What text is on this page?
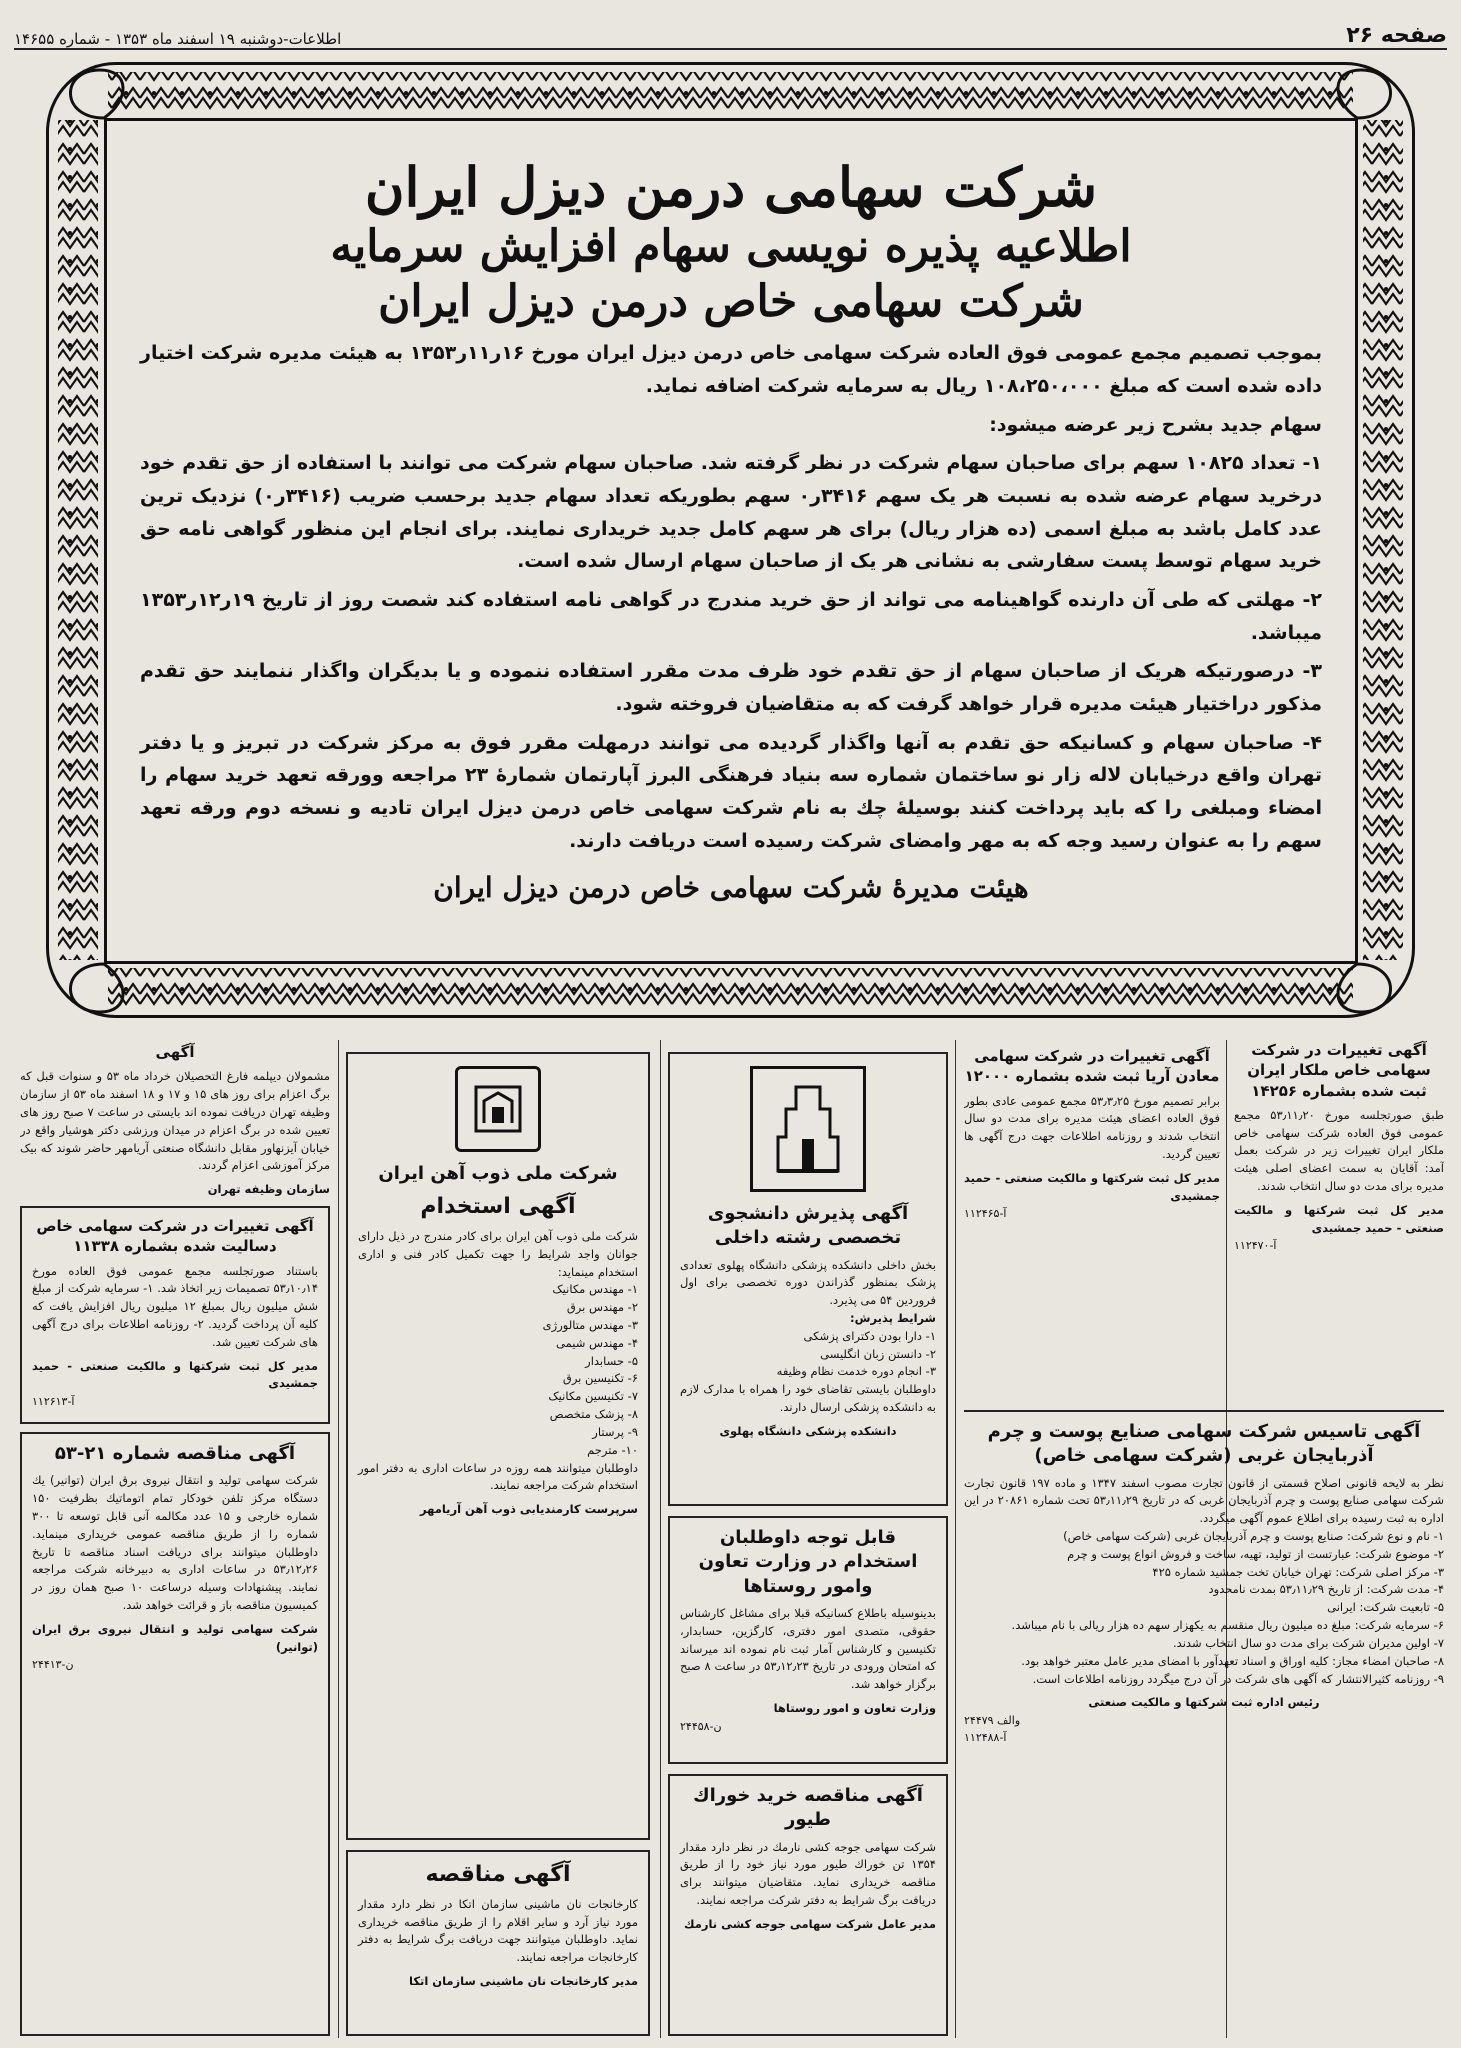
صفحه ۲۶
اطلاعات-دوشنبه ۱۹ اسفند ماه ۱۳۵۳ - شماره ۱۴۶۵۵
شرکت سهامی درمن دیزل ایران
اطلاعیه پذیره نویسی سهام افزایش سرمایه
شرکت سهامی خاص درمن دیزل ایران

بموجب تصمیم مجمع عمومی فوق العاده شرکت سهامی خاص درمن دیزل ایران مورخ ۱۶ر۱۱ر۱۳۵۳ به هیئت مدیره شرکت اختیار داده شده است که مبلغ ۱۰۸،۲۵۰،۰۰۰ ریال به سرمایه شرکت اضافه نماید.

سهام جدید بشرح زیر عرضه میشود:

۱- تعداد ۱۰۸۲۵ سهم برای صاحبان سهام شرکت در نظر گرفته شد. صاحبان سهام شرکت می توانند با استفاده از حق تقدم خود درخرید سهام عرضه شده به نسبت هر یک سهم ۳۴۱۶ر۰ سهم بطوریکه تعداد سهام جدید برحسب ضریب (۳۴۱۶ر۰) نزدیک ترین عدد کامل باشد به مبلغ اسمی (ده هزار ریال) برای هر سهم کامل جدید خریداری نمایند. برای انجام این منظور گواهی نامه حق خرید سهام توسط پست سفارشی به نشانی هر یک از صاحبان سهام ارسال شده است.

۲- مهلتی که طی آن دارنده گواهینامه می تواند از حق خرید مندرج در گواهی نامه استفاده کند شصت روز از تاریخ ۱۹ر۱۲ر۱۳۵۳ میباشد.

۳- درصورتیکه هریک از صاحبان سهام از حق تقدم خود ظرف مدت مقرر استفاده ننموده و یا بدیگران واگذار ننمایند حق تقدم مذکور دراختیار هیئت مدیره قرار خواهد گرفت که به متقاضیان فروخته شود.

۴- صاحبان سهام و کسانیکه حق تقدم به آنها واگذار گردیده می توانند درمهلت مقرر فوق به مرکز شرکت در تبریز و یا دفتر تهران واقع درخیابان لاله زار نو ساختمان شماره سه بنیاد فرهنگی البرز آپارتمان شمارهٔ ۲۳ مراجعه وورقه تعهد خرید سهام را امضاء ومبلغی را که باید پرداخت کنند بوسیلهٔ چك به نام شرکت سهامی خاص درمن دیزل ایران تادیه و نسخه دوم ورقه تعهد سهم را به عنوان رسید وجه که به مهر وامضای شرکت رسیده است دریافت دارند.

هیئت مدیرهٔ شرکت سهامی خاص درمن دیزل ایران
آگهی
مشمولان دیپلمه فارغ التحصیلان خرداد ماه ۵۳ و سنوات قبل که برگ اعزام برای روز های ۱۵ و ۱۷ و ۱۸ اسفند ماه ۵۳ از سازمان وظیفه تهران دریافت نموده اند بایستی در ساعت ۷ صبح روز های تعیین شده در برگ اعزام در میدان ورزشی دکتر هوشیار واقع در خیابان آیزنهاور مقابل دانشگاه صنعتی آریامهر حاضر شوند که بیک مرکز آموزشی اعزام گردند.
سازمان وظیفه تهران
آگهی تغییرات در شرکت سهامی خاص دسالیت شده بشماره ۱۱۳۳۸
باستناد صورتجلسه مجمع عمومی فوق العاده مورخ ۵۳٫۱۰٫۱۴ تصمیمات زیر اتخاذ شد. ۱- سرمایه شرکت از مبلغ شش میلیون ریال بمبلغ ۱۲ میلیون ریال افزایش یافت که کلیه آن پرداخت گردید. ۲- روزنامه اطلاعات برای درج آگهی های شرکت تعیین شد.
مدیر کل ثبت شرکتها و مالکیت صنعتی - حمید جمشیدی
آ-۱۱۲۶۱۳
آگهی مناقصه شماره ۲۱-۵۳
شرکت سهامی تولید و انتقال نیروی برق ایران (توانیر) یك دستگاه مرکز تلفن خودکار تمام اتوماتیك بظرفیت ۱۵۰ شماره خارجی و ۱۵ عدد مکالمه آنی قابل توسعه تا ۳۰۰ شماره را از طریق مناقصه عمومی خریداری مینماید. داوطلبان میتوانند برای دریافت اسناد مناقصه تا تاریخ ۵۳٫۱۲٫۲۶ در ساعات اداری به دبیرخانه شرکت مراجعه نمایند. پیشنهادات وسیله درساعت ۱۰ صبح همان روز در کمیسیون مناقصه باز و قرائت خواهد شد.
شرکت سهامی تولید و انتقال نیروی برق ایران (توانیر)
ن-۲۴۴۱۳
شرکت ملی ذوب آهن ایران
آگهی استخدام
شرکت ملی ذوب آهن ایران برای کادر مندرج در ذیل دارای جوانان واجد شرایط را جهت تکمیل کادر فنی و اداری استخدام مینماید:

۱- مهندس مکانیک

۲- مهندس برق

۳- مهندس متالورژی

۴- مهندس شیمی

۵- حسابدار

۶- تکنیسین برق

۷- تکنیسین مکانیک

۸- پزشک متخصص

۹- پرستار

۱۰- مترجم

داوطلبان میتوانند همه روزه در ساعات اداری به دفتر امور استخدام شرکت مراجعه نمایند.
سرپرست کارمندیابی ذوب آهن آریامهر
آگهی مناقصه
کارخانجات نان ماشینی سازمان اتکا در نظر دارد مقدار مورد نیاز آرد و سایر اقلام را از طریق مناقصه خریداری نماید. داوطلبان میتوانند جهت دریافت برگ شرایط به دفتر کارخانجات مراجعه نمایند.
مدیر کارخانجات نان ماشینی سازمان اتکا
آگهی پذیرش دانشجوی تخصصی رشته داخلی
بخش داخلی دانشکده پزشکی دانشگاه پهلوی تعدادی پزشک بمنظور گذراندن دوره تخصصی برای اول فروردین ۵۴ می پذیرد.
شرایط پذیرش:

۱- دارا بودن دکترای پزشکی

۲- دانستن زبان انگلیسی

۳- انجام دوره خدمت نظام وظیفه

داوطلبان بایستی تقاضای خود را همراه با مدارک لازم به دانشکده پزشکی ارسال دارند.
دانشکده پزشکی دانشگاه پهلوی
قابل توجه داوطلبان استخدام در وزارت تعاون وامور روستاها
بدینوسیله باطلاع کسانیکه قبلا برای مشاغل کارشناس حقوقی، متصدی امور دفتری، کارگزین، حسابدار، تکنیسین و کارشناس آمار ثبت نام نموده اند میرساند که امتحان ورودی در تاریخ ۵۳٫۱۲٫۲۳ در ساعت ۸ صبح برگزار خواهد شد.
وزارت تعاون و امور روستاها
ن-۲۴۴۵۸
آگهی مناقصه خرید خوراك طیور
شرکت سهامی جوجه کشی نارمك در نظر دارد مقدار ۱۳۵۴ تن خوراك طیور مورد نیاز خود را از طریق مناقصه خریداری نماید. متقاضیان میتوانند برای دریافت برگ شرایط به دفتر شرکت مراجعه نمایند.
مدیر عامل شرکت سهامی جوجه کشی نارمك
آگهی تغییرات در شرکت سهامی معادن آریا ثبت شده بشماره ۱۲۰۰۰
برابر تصمیم مورخ ۵۳٫۳٫۲۵ مجمع عمومی عادی بطور فوق العاده اعضای هیئت مدیره برای مدت دو سال انتخاب شدند و روزنامه اطلاعات جهت درج آگهی ها تعیین گردید.
مدیر کل ثبت شرکتها و مالکیت صنعتی - حمید جمشیدی
آ-۱۱۲۴۶۵
آگهی تغییرات در شرکت سهامی خاص ملکار ایران ثبت شده بشماره ۱۴۲۵۶
طبق صورتجلسه مورخ ۵۳٫۱۱٫۲۰ مجمع عمومی فوق العاده شرکت سهامی خاص ملکار ایران تغییرات زیر در شرکت بعمل آمد: آقایان به سمت اعضای اصلی هیئت مدیره برای مدت دو سال انتخاب شدند.
مدیر کل ثبت شرکتها و مالکیت صنعتی - حمید جمشیدی
آ-۱۱۲۴۷۰
آگهی تاسیس شرکت سهامی صنایع پوست و چرم آذربایجان غربی (شرکت سهامی خاص)
نظر به لایحه قانونی اصلاح قسمتی از قانون تجارت مصوب اسفند ۱۳۴۷ و ماده ۱۹۷ قانون تجارت شرکت سهامی صنایع پوست و چرم آذربایجان غربی که در تاریخ ۵۳٫۱۱٫۲۹ تحت شماره ۲۰۸۶۱ در این اداره به ثبت رسیده برای اطلاع عموم آگهی میگردد.

۱- نام و نوع شرکت: صنایع پوست و چرم آذربایجان غربی (شرکت سهامی خاص)

۲- موضوع شرکت: عبارتست از تولید، تهیه، ساخت و فروش انواع پوست و چرم

۳- مرکز اصلی شرکت: تهران خیابان تخت جمشید شماره ۴۲۵

۴- مدت شرکت: از تاریخ ۵۳٫۱۱٫۲۹ بمدت نامحدود

۵- تابعیت شرکت: ایرانی

۶- سرمایه شرکت: مبلغ ده میلیون ریال منقسم به یکهزار سهم ده هزار ریالی با نام میباشد.

۷- اولین مدیران شرکت برای مدت دو سال انتخاب شدند.

۸- صاحبان امضاء مجاز: کلیه اوراق و اسناد تعهدآور با امضای مدیر عامل معتبر خواهد بود.

۹- روزنامه کثیرالانتشار که آگهی های شرکت در آن درج میگردد روزنامه اطلاعات است.

رئیس اداره ثبت شرکتها و مالکیت صنعتی
والف ۲۴۴۷۹
آ-۱۱۲۴۸۸
